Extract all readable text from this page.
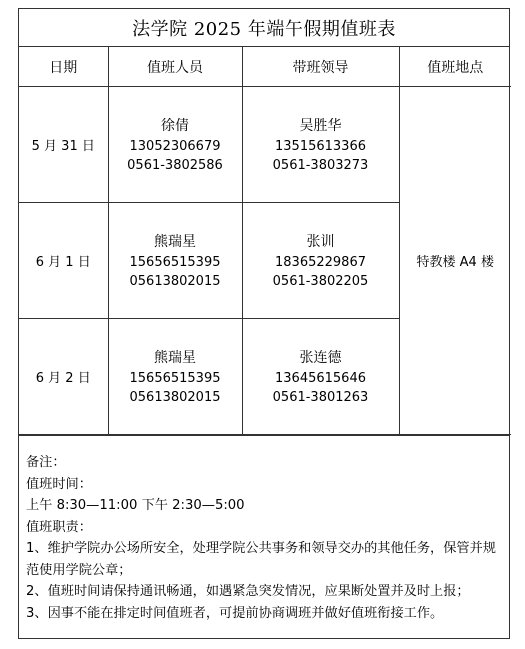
法学院 2025 年端午假期值班表
日期	值班人员	带班领导	值班地点
5 月 31 日	徐倩
13052306679
0561-3802586	吴胜华
13515613366
0561-3803273	特教楼 A4 楼
6 月 1 日	熊瑞星
15656515395
05613802015	张训
18365229867
0561-3802205	

6 月 2 日	熊瑞星
15656515395
05613802015	张连德
13645615646
0561-3801263	
备注：
值班时间：
上午 8:30—11:00 下午 2:30—5:00
值班职责：
1、维护学院办公场所安全，处理学院公共事务和领导交办的其他任务，保管并规范使用学院公章；
2、值班时间请保持通讯畅通，如遇紧急突发情况，应果断处置并及时上报；
3、因事不能在排定时间值班者，可提前协商调班并做好值班衔接工作。
